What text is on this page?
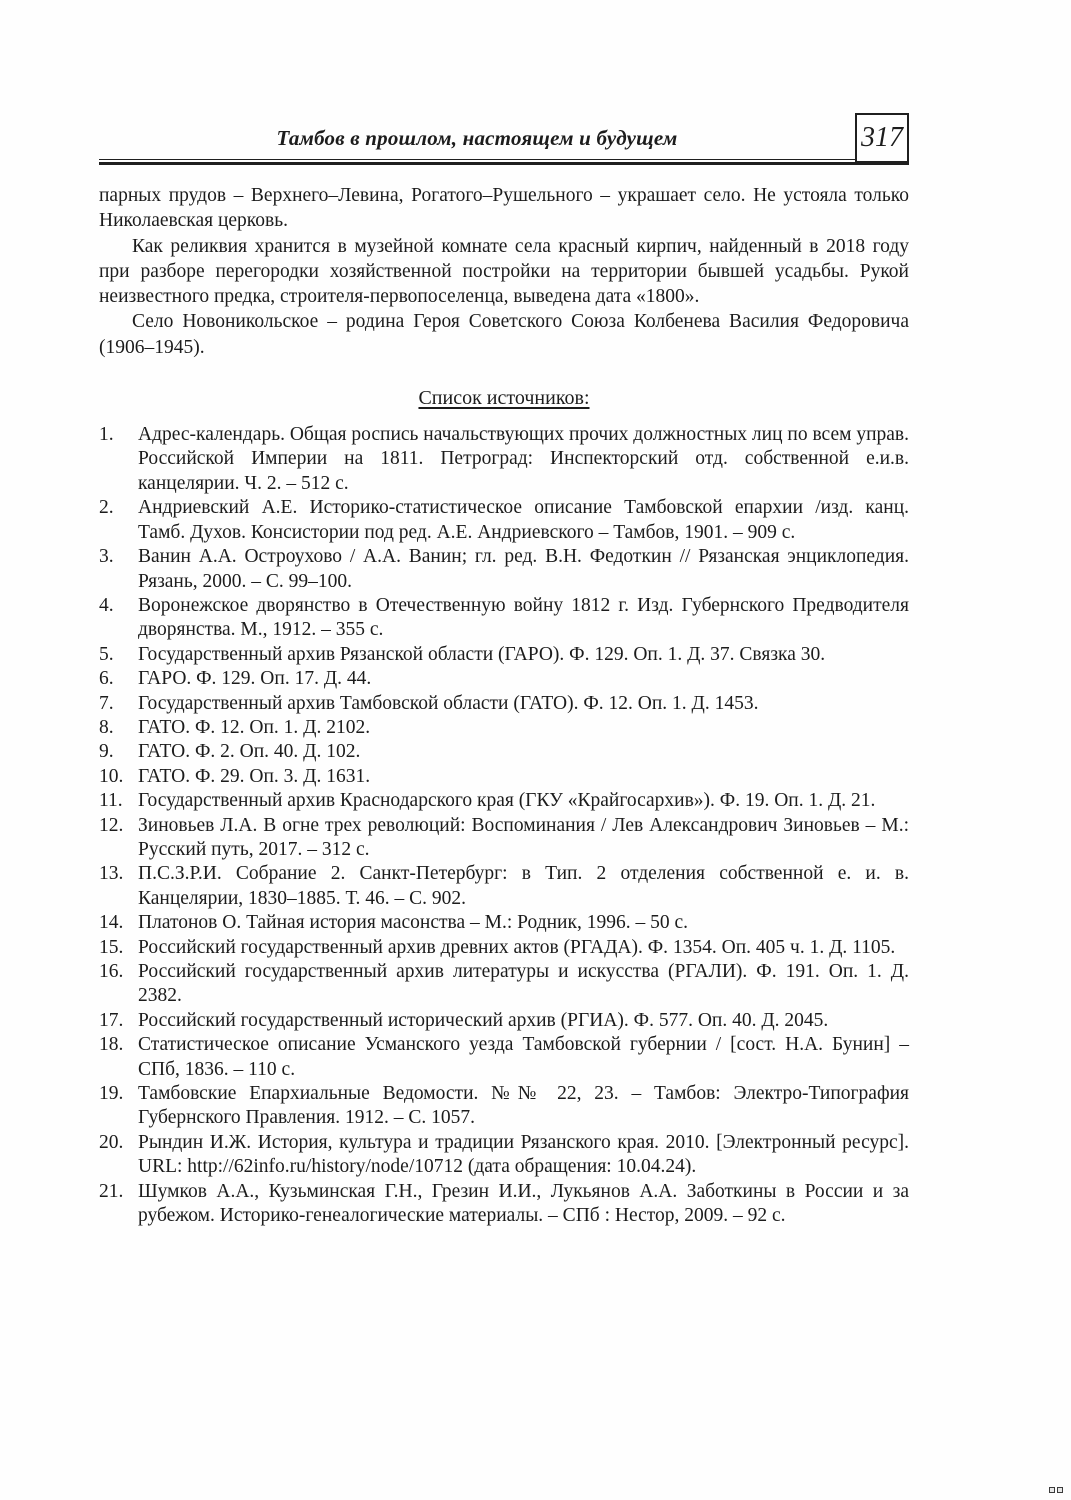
Тамбов в прошлом, настоящем и будущем	317

парных прудов – Верхнего–Левина, Рогатого–Рушельного – украшает село. Не устояла только Николаевская церковь.

Как реликвия хранится в музейной комнате села красный кирпич, найденный в 2018 году при разборе перегородки хозяйственной постройки на территории бывшей усадьбы. Рукой неизвестного предка, строителя-первопоселенца, выведена дата «1800».

Село Новоникольское – родина Героя Советского Союза Колбенева Василия Федоровича (1906–1945).

Список источников:
1.	Адрес-календарь. Общая роспись начальствующих прочих должностных лиц по всем управ. Российской Империи на 1811. Петроград: Инспекторский отд. собственной е.и.в. канцелярии. Ч. 2. – 512 с.
2.	Андриевский А.Е. Историко-статистическое описание Тамбовской епархии /изд. канц. Тамб. Духов. Консистории под ред. А.Е. Андриевского – Тамбов, 1901. – 909 с.
3.	Ванин А.А. Остроухово / А.А. Ванин; гл. ред. В.Н. Федоткин // Рязанская энциклопедия. Рязань, 2000. – С. 99–100.
4.	Воронежское дворянство в Отечественную войну 1812 г. Изд. Губернского Предводителя дворянства. М., 1912. – 355 с.
5.	Государственный архив Рязанской области (ГАРО). Ф. 129. Оп. 1. Д. 37. Связка 30.
6.	ГАРО. Ф. 129. Оп. 17. Д. 44.
7.	Государственный архив Тамбовской области (ГАТО). Ф. 12. Оп. 1. Д. 1453.
8.	ГАТО. Ф. 12. Оп. 1. Д. 2102.
9.	ГАТО. Ф. 2. Оп. 40. Д. 102.
10. ГАТО. Ф. 29. Оп. 3. Д. 1631.
11. Государственный архив Краснодарского края (ГКУ «Крайгосархив»). Ф. 19. Оп. 1. Д. 21.
12. Зиновьев Л.А. В огне трех революций: Воспоминания / Лев Александрович Зиновьев – М.: Русский путь, 2017. – 312 с.
13. П.С.З.Р.И. Собрание 2. Санкт-Петербург: в Тип. 2 отделения собственной е. и. в. Канцелярии, 1830–1885. Т. 46. – С. 902.
14. Платонов О. Тайная история масонства – М.: Родник, 1996. – 50 с.
15. Российский государственный архив древних актов (РГАДА). Ф. 1354. Оп. 405 ч. 1. Д. 1105.
16. Российский государственный архив литературы и искусства (РГАЛИ). Ф. 191. Оп. 1. Д. 2382.
17. Российский государственный исторический архив (РГИА). Ф. 577. Оп. 40. Д. 2045.
18. Статистическое описание Усманского уезда Тамбовской губернии / [сост. Н.А. Бунин] – СПб, 1836. – 110 с.
19. Тамбовские Епархиальные Ведомости. №№ 22, 23. – Тамбов: Электро-Типография Губернского Правления. 1912. – С. 1057.
20. Рындин И.Ж. История, культура и традиции Рязанского края. 2010. [Электронный ресурс]. URL: http://62info.ru/history/node/10712 (дата обращения: 10.04.24).
21. Шумков А.А., Кузьминская Г.Н., Грезин И.И., Лукьянов А.А. Заботкины в России и за рубежом. Историко-генеалогические материалы. – СПб : Нестор, 2009. – 92 с.
